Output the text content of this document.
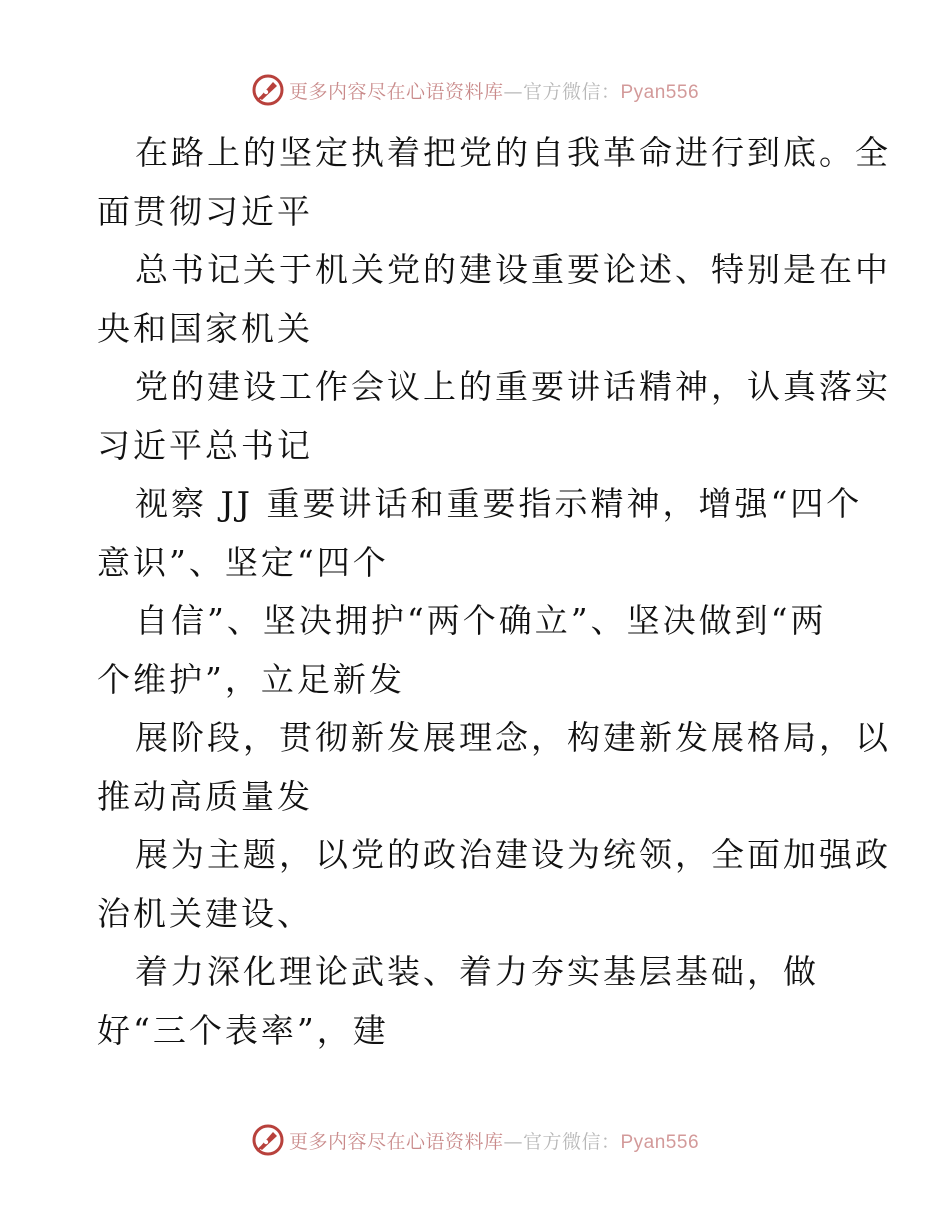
更多内容尽在心语资料库—官方微信：Pyan556
在路上的坚定执着把党的自我革命进行到底。全
面贯彻习近平
总书记关于机关党的建设重要论述、特别是在中
央和国家机关
党的建设工作会议上的重要讲话精神，认真落实
习近平总书记
视察 JJ 重要讲话和重要指示精神，增强“四个
意识”、坚定“四个
自信”、坚决拥护“两个确立”、坚决做到“两
个维护”，立足新发
展阶段，贯彻新发展理念，构建新发展格局，以
推动高质量发
展为主题，以党的政治建设为统领，全面加强政
治机关建设、
着力深化理论武装、着力夯实基层基础，做
好“三个表率”，建
更多内容尽在心语资料库—官方微信：Pyan556
